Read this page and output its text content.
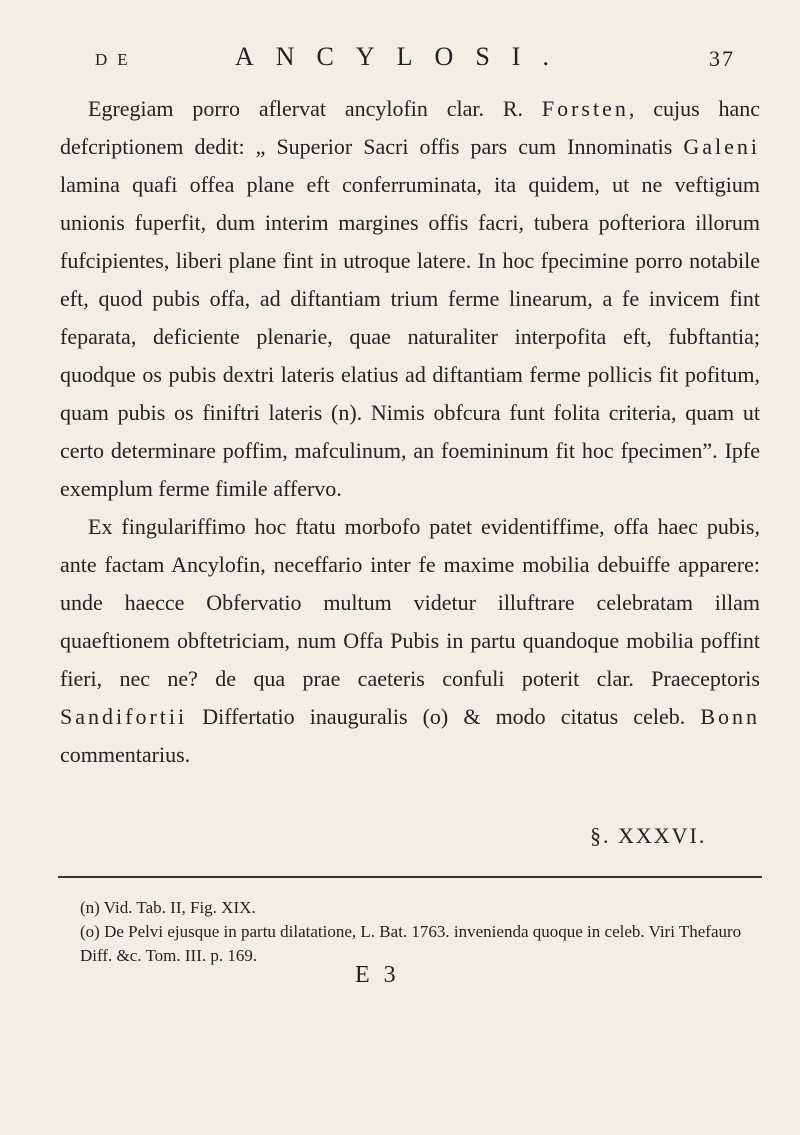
DE	ANCYLOSI.	37

Egregiam porro aflervat ancylofin clar. R. Forsten, cujus hanc defcriptionem dedit: „ Superior Sacri offis pars cum Innominatis Galeni lamina quafi offea plane eft conferruminata, ita quidem, ut ne veftigium unionis fuperfit, dum interim margines offis facri, tubera pofteriora illorum fufcipientes, liberi plane fint in utroque latere. In hoc fpecimine porro notabile eft, quod pubis offa, ad diftantiam trium ferme linearum, a fe invicem fint feparata, deficiente plenarie, quae naturaliter interpofita eft, fubftantia; quodque os pubis dextri lateris elatius ad diftantiam ferme pollicis fit pofitum, quam pubis os finiftri lateris (n). Nimis obfcura funt folita criteria, quam ut certo determinare poffim, mafculinum, an foemininum fit hoc fpecimen”. Ipfe exemplum ferme fimile affervo.

Ex fingulariffimo hoc ftatu morbofo patet evidentiffime, offa haec pubis, ante factam Ancylofin, neceffario inter fe maxime mobilia debuiffe apparere: unde haecce Obfervatio multum videtur illuftrare celebratam illam quaeftionem obftetriciam, num Offa Pubis in partu quandoque mobilia poffint fieri, nec ne? de qua prae caeteris confuli poterit clar. Praeceptoris Sandifortii Differtatio inauguralis (o) & modo citatus celeb. Bonn commentarius.

§. XXXVI.

(n) Vid. Tab. II, Fig. XIX.

(o) De Pelvi ejusque in partu dilatatione, L. Bat. 1763. invenienda quoque in celeb. Viri Thefauro Diff. &c. Tom. III. p. 169.

E 3
